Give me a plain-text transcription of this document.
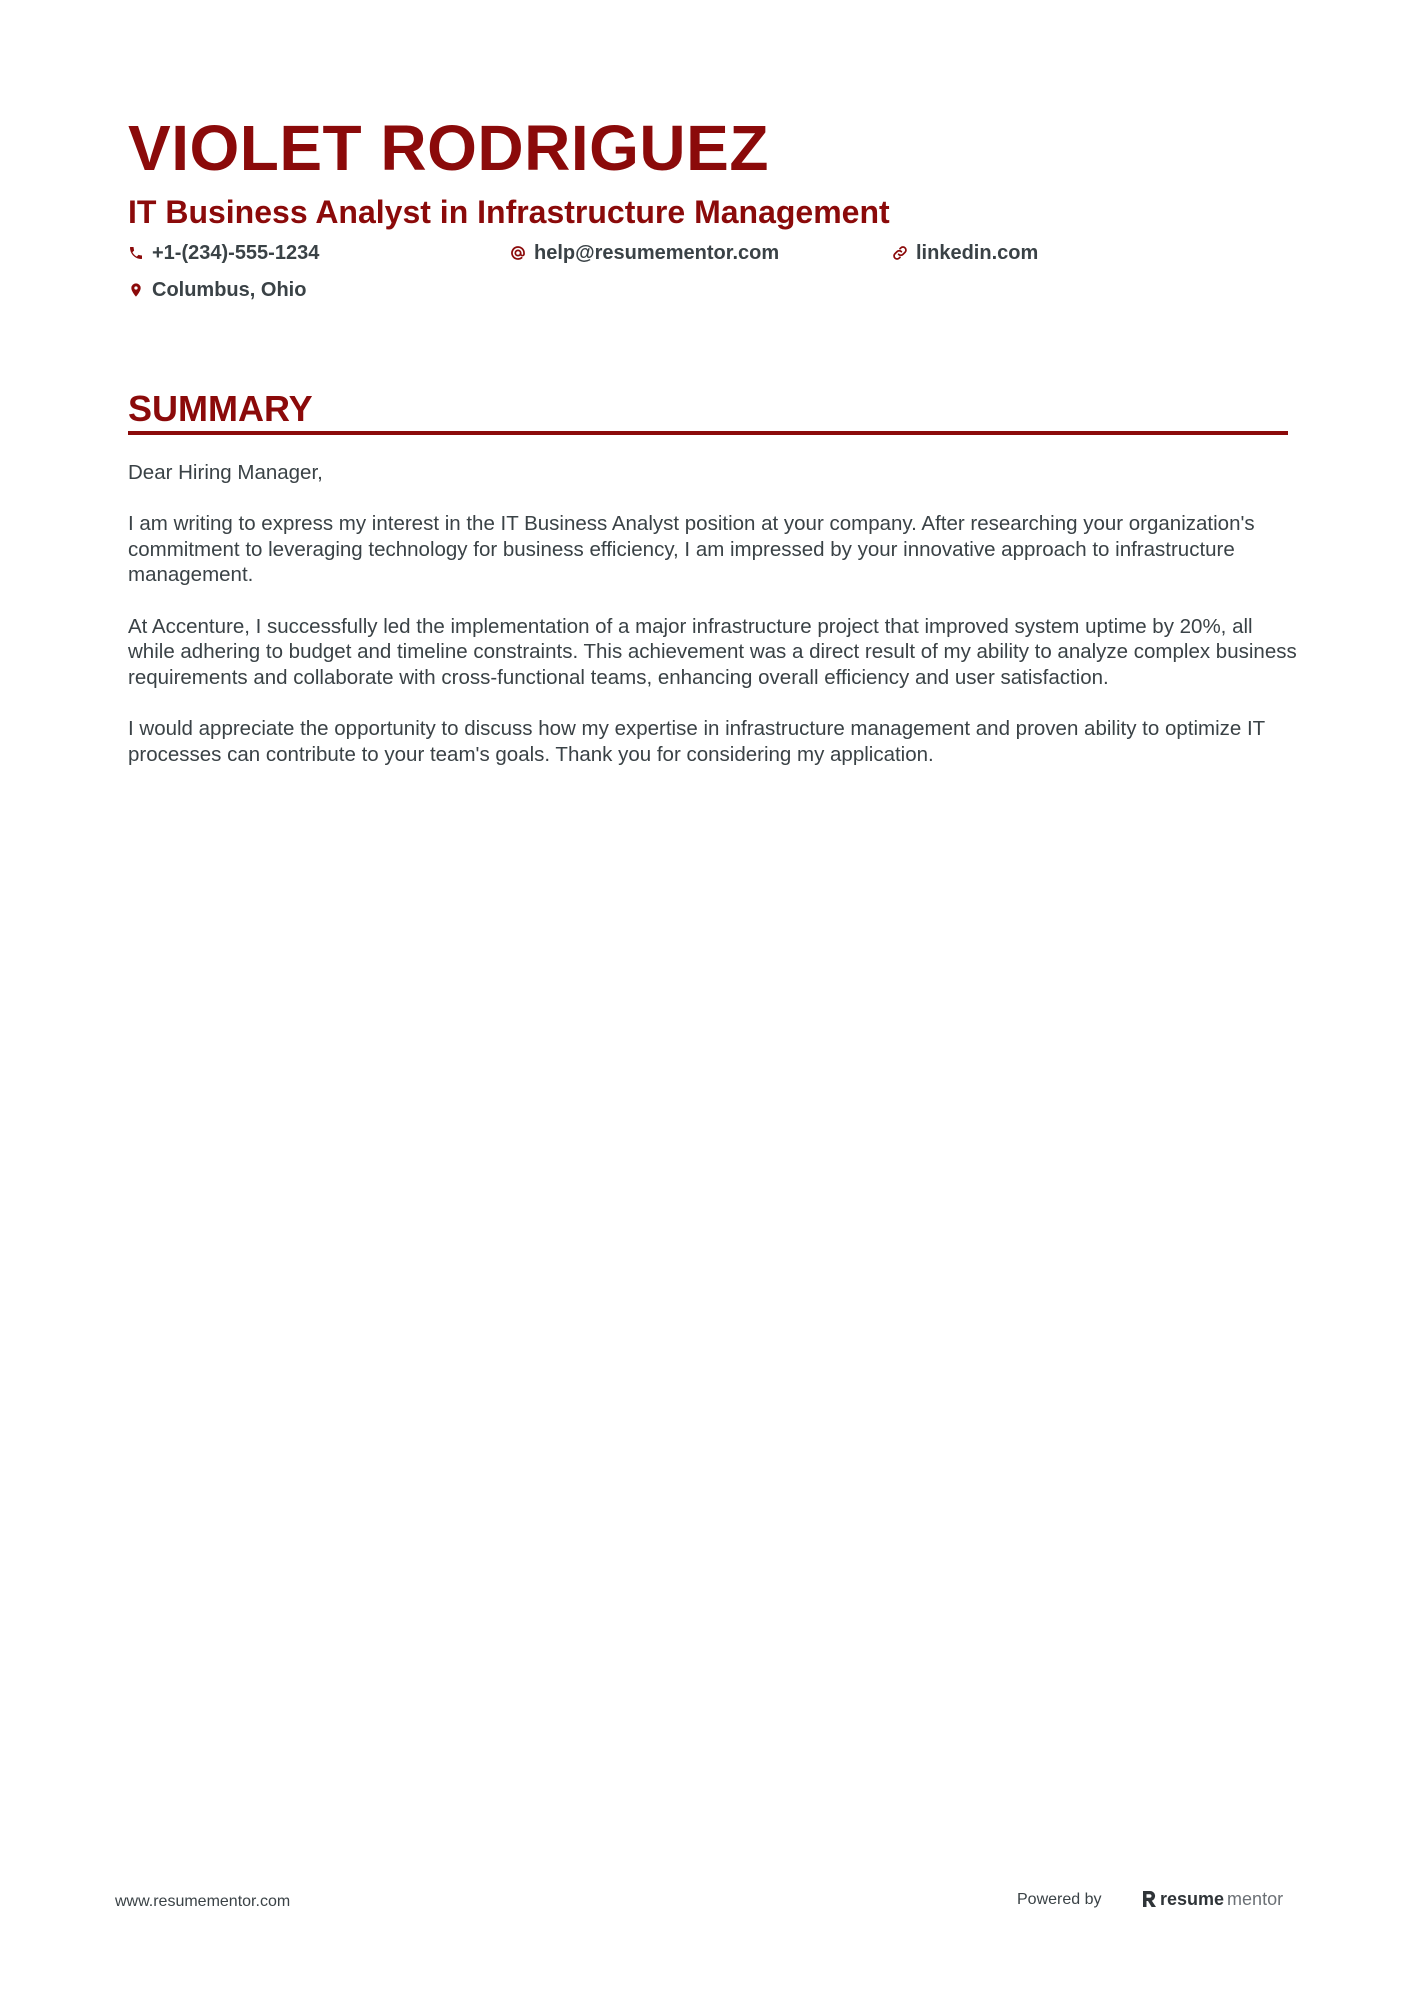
VIOLET RODRIGUEZ
IT Business Analyst in Infrastructure Management
+1-(234)-555-1234	help@resumementor.com	linkedin.com
Columbus, Ohio
SUMMARY

Dear Hiring Manager,

I am writing to express my interest in the IT Business Analyst position at your company. After researching your organization's commitment to leveraging technology for business efficiency, I am impressed by your innovative approach to infrastructure management.

At Accenture, I successfully led the implementation of a major infrastructure project that improved system uptime by 20%, all while adhering to budget and timeline constraints. This achievement was a direct result of my ability to analyze complex business requirements and collaborate with cross-functional teams, enhancing overall efficiency and user satisfaction.

I would appreciate the opportunity to discuss how my expertise in infrastructure management and proven ability to optimize IT processes can contribute to your team's goals. Thank you for considering my application.

www.resumementor.com	Powered by	resume mentor
